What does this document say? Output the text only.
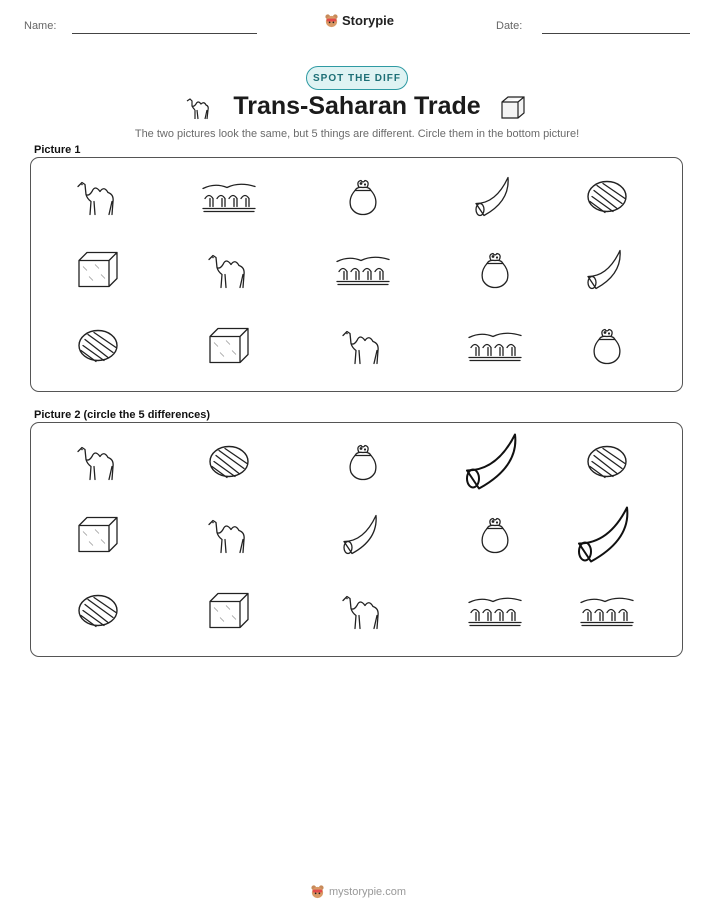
Name:	Storypie	Date:
SPOT THE DIFF
Trans-Saharan Trade
The two pictures look the same, but 5 things are different. Circle them in the bottom picture!
Picture 1
Picture 2 (circle the 5 differences)
mystorypie.com
